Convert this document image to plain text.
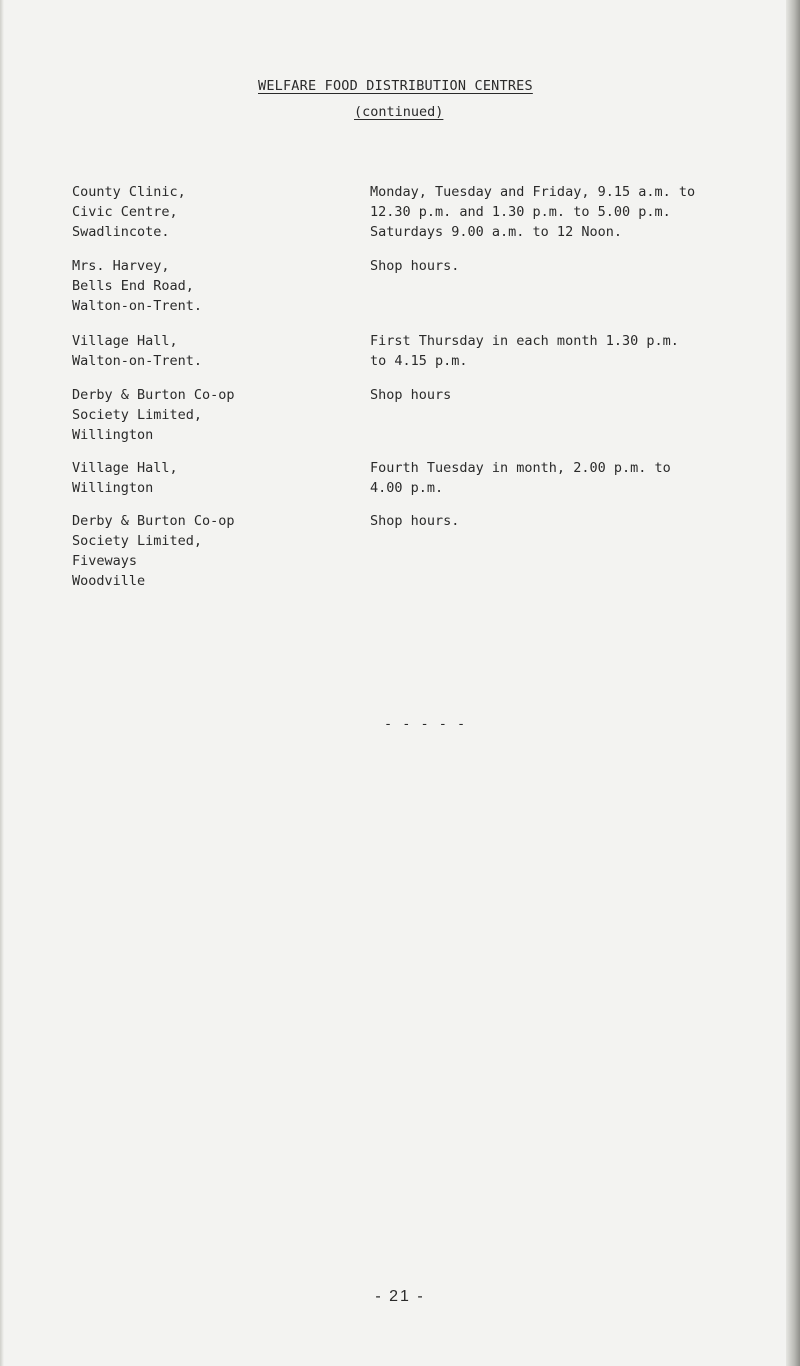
WELFARE FOOD DISTRIBUTION CENTRES
(continued)
County Clinic,
Civic Centre,
Swadlincote.
Monday, Tuesday and Friday, 9.15 a.m. to
12.30 p.m. and 1.30 p.m. to 5.00 p.m.
Saturdays 9.00 a.m. to 12 Noon.
Mrs. Harvey,
Bells End Road,
Walton-on-Trent.
Shop hours.
Village Hall,
Walton-on-Trent.
First Thursday in each month 1.30 p.m.
to 4.15 p.m.
Derby & Burton Co-op
Society Limited,
Willington
Shop hours
Village Hall,
Willington
Fourth Tuesday in month, 2.00 p.m. to
4.00 p.m.
Derby & Burton Co-op
Society Limited,
Fiveways
Woodville
Shop hours.
- - - - -
- 21 -
